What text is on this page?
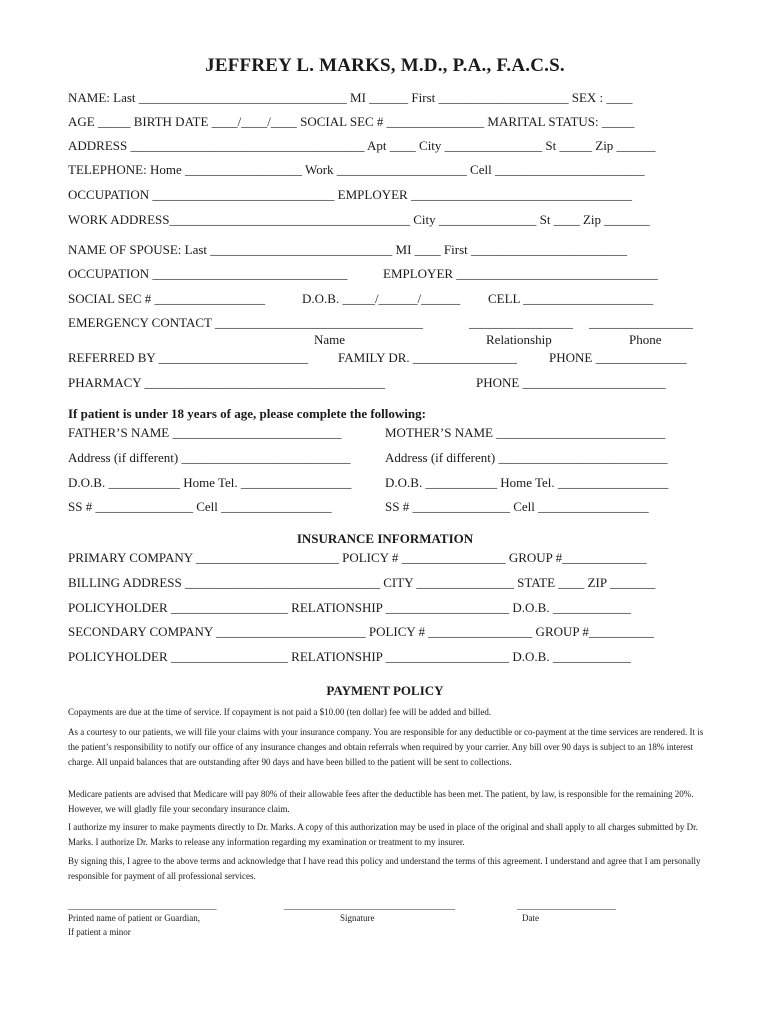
JEFFREY L. MARKS, M.D., P.A., F.A.C.S.
NAME: Last ________________________________ MI ______ First ____________________ SEX : ____
AGE _____ BIRTH DATE ____/____/____ SOCIAL SEC # _______________ MARITAL STATUS: _____
ADDRESS ____________________________________ Apt ____ City _______________ St _____ Zip ______
TELEPHONE: Home __________________ Work ____________________ Cell _______________________
OCCUPATION ____________________________ EMPLOYER __________________________________
WORK ADDRESS_____________________________________ City _______________ St ____ Zip _______
NAME OF SPOUSE: Last ____________________________ MI ____ First ________________________
OCCUPATION ______________________________	EMPLOYER _______________________________
SOCIAL SEC # _________________	D.O.B. _____/______/______ CELL ____________________
EMERGENCY CONTACT ________________________________	________________ ________________
Name	Relationship	Phone
REFERRED BY _______________________ FAMILY DR. ________________ PHONE ______________
PHARMACY _____________________________________	PHONE ______________________
If patient is under 18 years of age, please complete the following:
FATHER’S NAME __________________________	MOTHER’S NAME __________________________
Address (if different) __________________________	Address (if different) __________________________
D.O.B. ___________ Home Tel. _________________	D.O.B. ___________ Home Tel. _________________
SS # _______________ Cell _________________	SS # _______________ Cell _________________
INSURANCE INFORMATION
PRIMARY COMPANY ______________________ POLICY # ________________ GROUP #_____________
BILLING ADDRESS ______________________________ CITY _______________ STATE ____ ZIP _______
POLICYHOLDER __________________ RELATIONSHIP ___________________ D.O.B. ____________
SECONDARY COMPANY _______________________ POLICY # ________________ GROUP #__________
POLICYHOLDER __________________ RELATIONSHIP ___________________ D.O.B. ____________
PAYMENT POLICY
Copayments are due at the time of service. If copayment is not paid a $10.00 (ten dollar) fee will be added and billed.
As a courtesy to our patients, we will file your claims with your insurance company. You are responsible for any deductible or co-payment at the time services are rendered. It is the patient’s responsibility to notify our office of any insurance changes and obtain referrals when required by your carrier. Any bill over 90 days is subject to an 18% interest charge. All unpaid balances that are outstanding after 90 days and have been billed to the patient will be sent to collections.
Medicare patients are advised that Medicare will pay 80% of their allowable fees after the deductible has been met. The patient, by law, is responsible for the remaining 20%. However, we will gladly file your secondary insurance claim.
I authorize my insurer to make payments directly to Dr. Marks. A copy of this authorization may be used in place of the original and shall apply to all charges submitted by Dr. Marks. I authorize Dr. Marks to release any information regarding my examination or treatment to my insurer.
By signing this, I agree to the above terms and acknowledge that I have read this policy and understand the terms of this agreement. I understand and agree that I am personally responsible for payment of all professional services.
_________________________________	______________________________________	______________________
Printed name of patient or Guardian,	Signature	Date
If patient a minor
